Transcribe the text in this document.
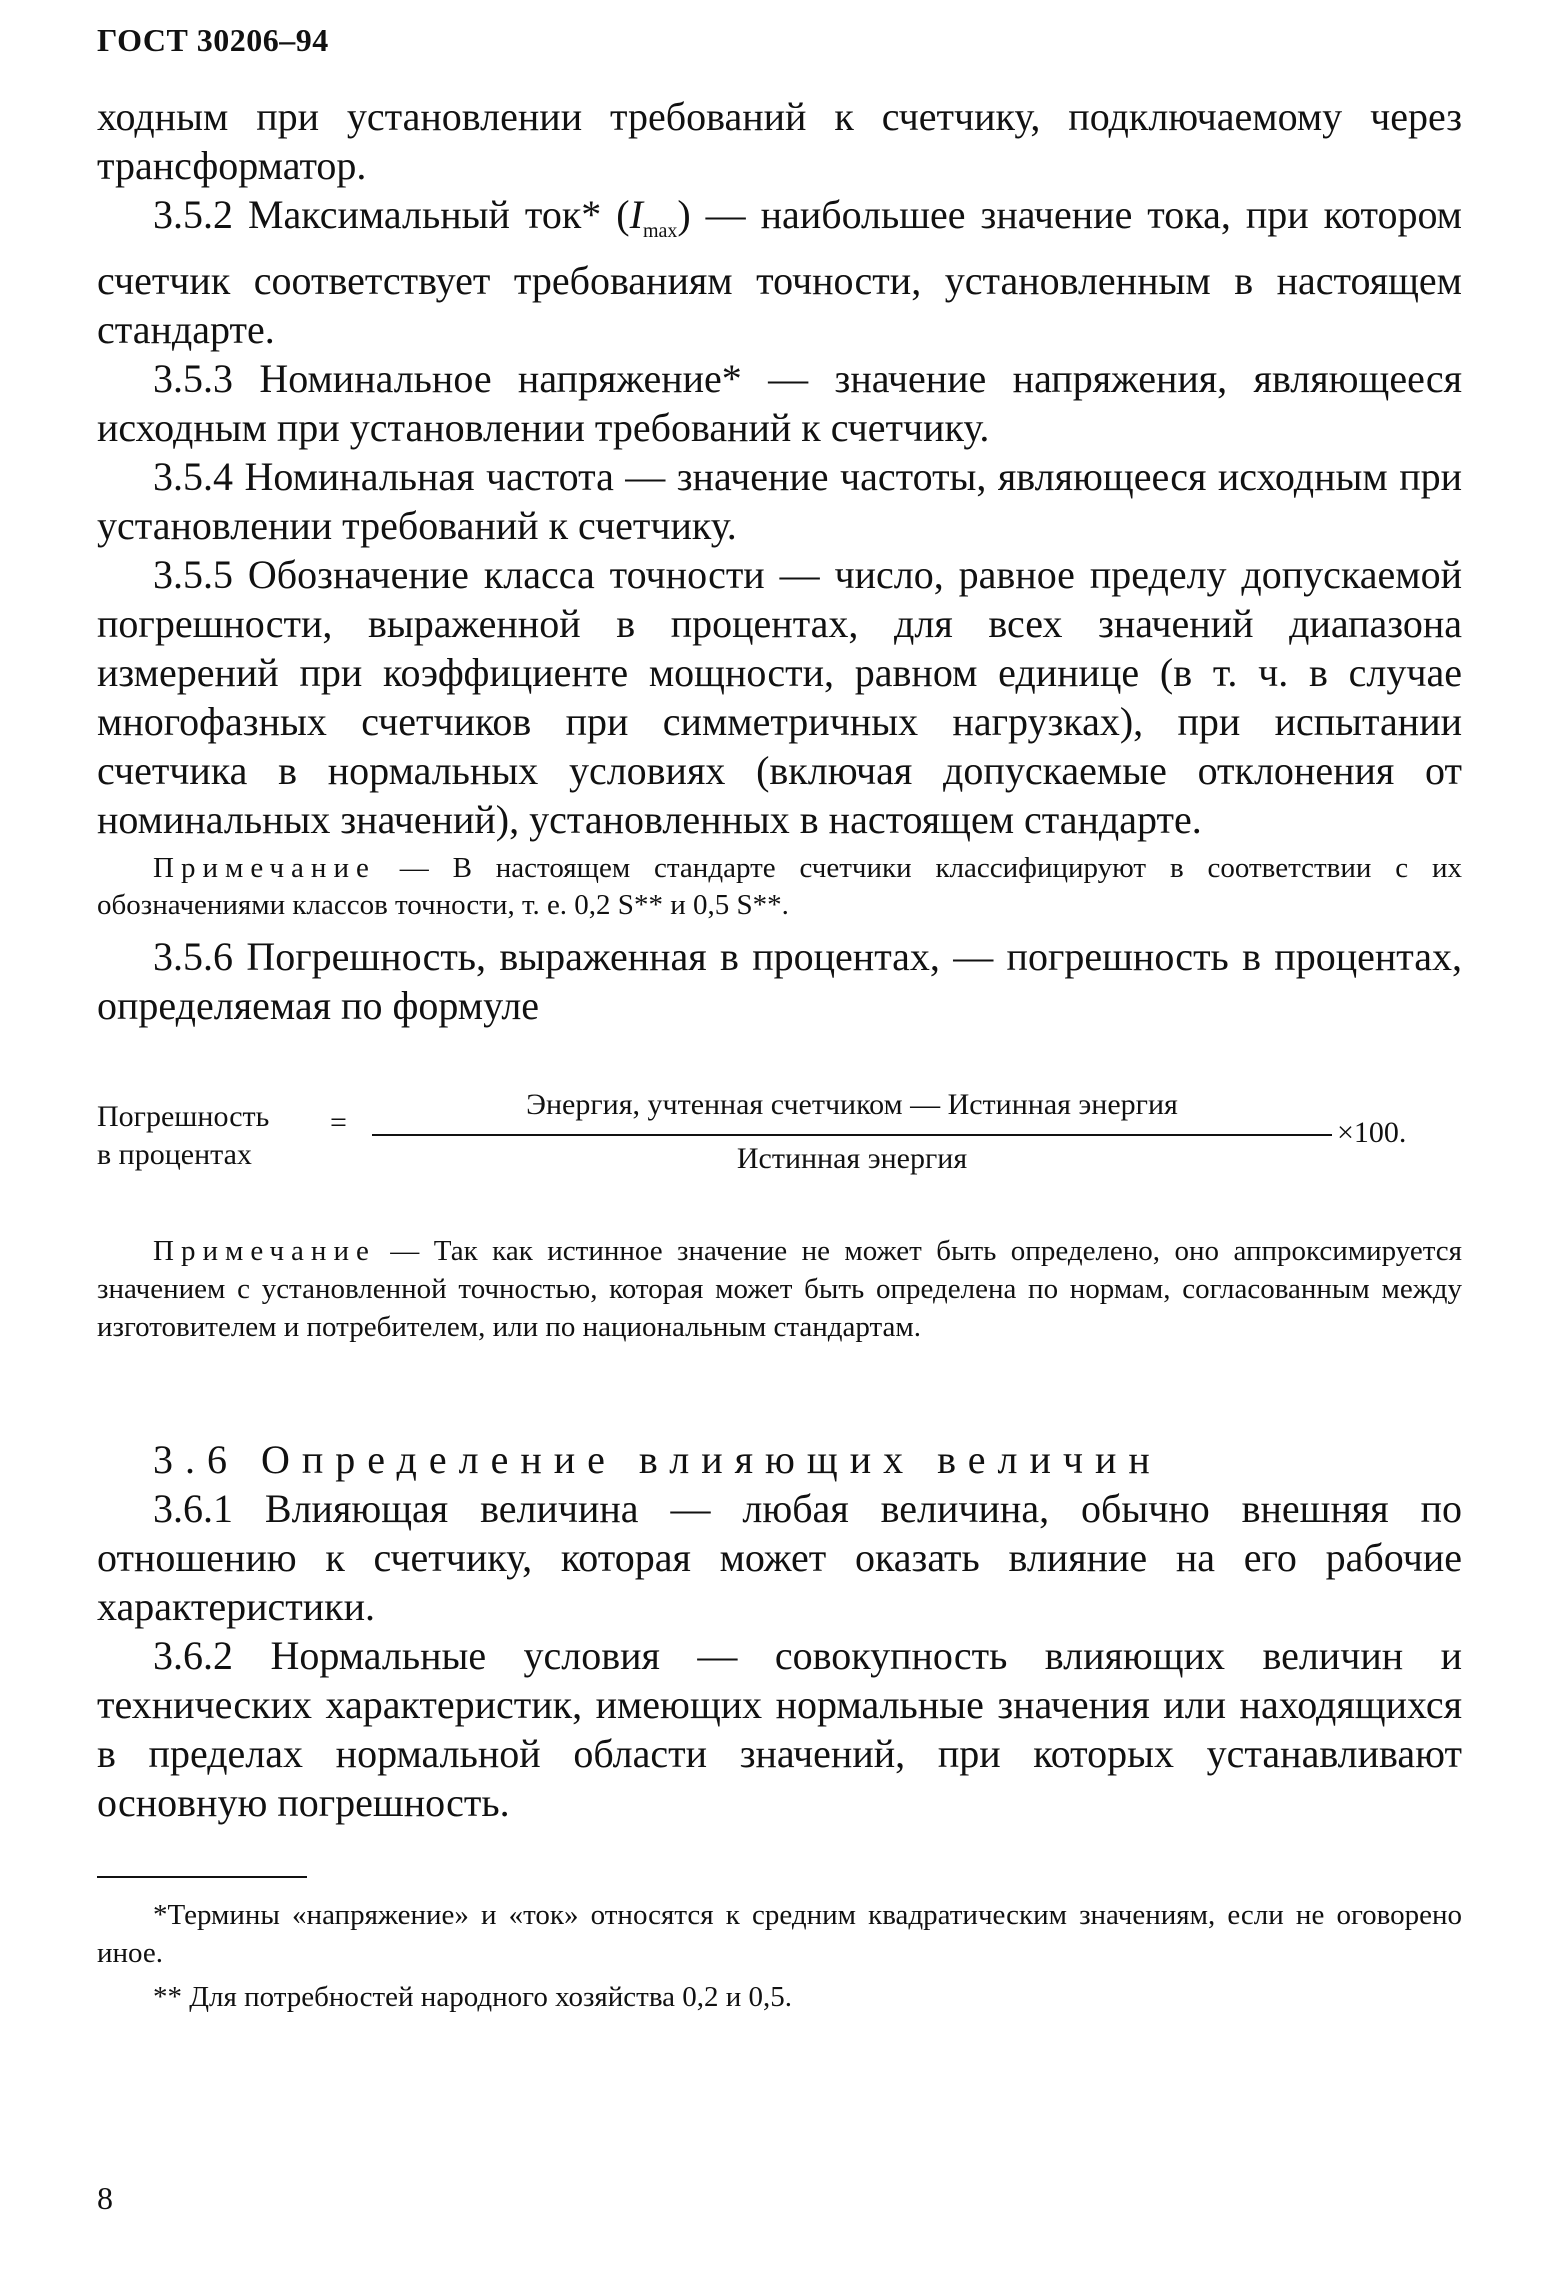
ГОСТ 30206–94

ходным при установлении требований к счетчику, подключаемому через трансформатор.

3.5.2 Максимальный ток* $(I_{max})$ — наибольшее значение тока, при котором счетчик соответствует требованиям точности, установленным в настоящем стандарте.

3.5.3 Номинальное напряжение* — значение напряжения, являющееся исходным при установлении требований к счетчику.

3.5.4 Номинальная частота — значение частоты, являющееся исходным при установлении требований к счетчику.

3.5.5 Обозначение класса точности — число, равное пределу допускаемой погрешности, выраженной в процентах, для всех значений диапазона измерений при коэффициенте мощности, равном единице (в т. ч. в случае многофазных счетчиков при симметричных нагрузках), при испытании счетчика в нормальных условиях (включая допускаемые отклонения от номинальных значений), установленных в настоящем стандарте.

Примечание — В настоящем стандарте счетчики классифицируют в соответствии с их обозначениями классов точности, т. е. 0,2 S** и 0,5 S**.

3.5.6 Погрешность, выраженная в процентах, — погрешность в процентах, определяемая по формуле

Погрешность
в процентах
=
Энергия, учтенная счетчиком — Истинная энергия
Истинная энергия
×100.

Примечание — Так как истинное значение не может быть определено, оно аппроксимируется значением с установленной точностью, которая может быть определена по нормам, согласованным между изготовителем и потребителем, или по национальным стандартам.

3.6 Определение влияющих величин

3.6.1 Влияющая величина — любая величина, обычно внешняя по отношению к счетчику, которая может оказать влияние на его рабочие характеристики.

3.6.2 Нормальные условия — совокупность влияющих величин и технических характеристик, имеющих нормальные значения или находящихся в пределах нормальной области значений, при которых устанавливают основную погрешность.

*Термины «напряжение» и «ток» относятся к средним квадратическим значениям, если не оговорено иное.

** Для потребностей народного хозяйства 0,2 и 0,5.

8
